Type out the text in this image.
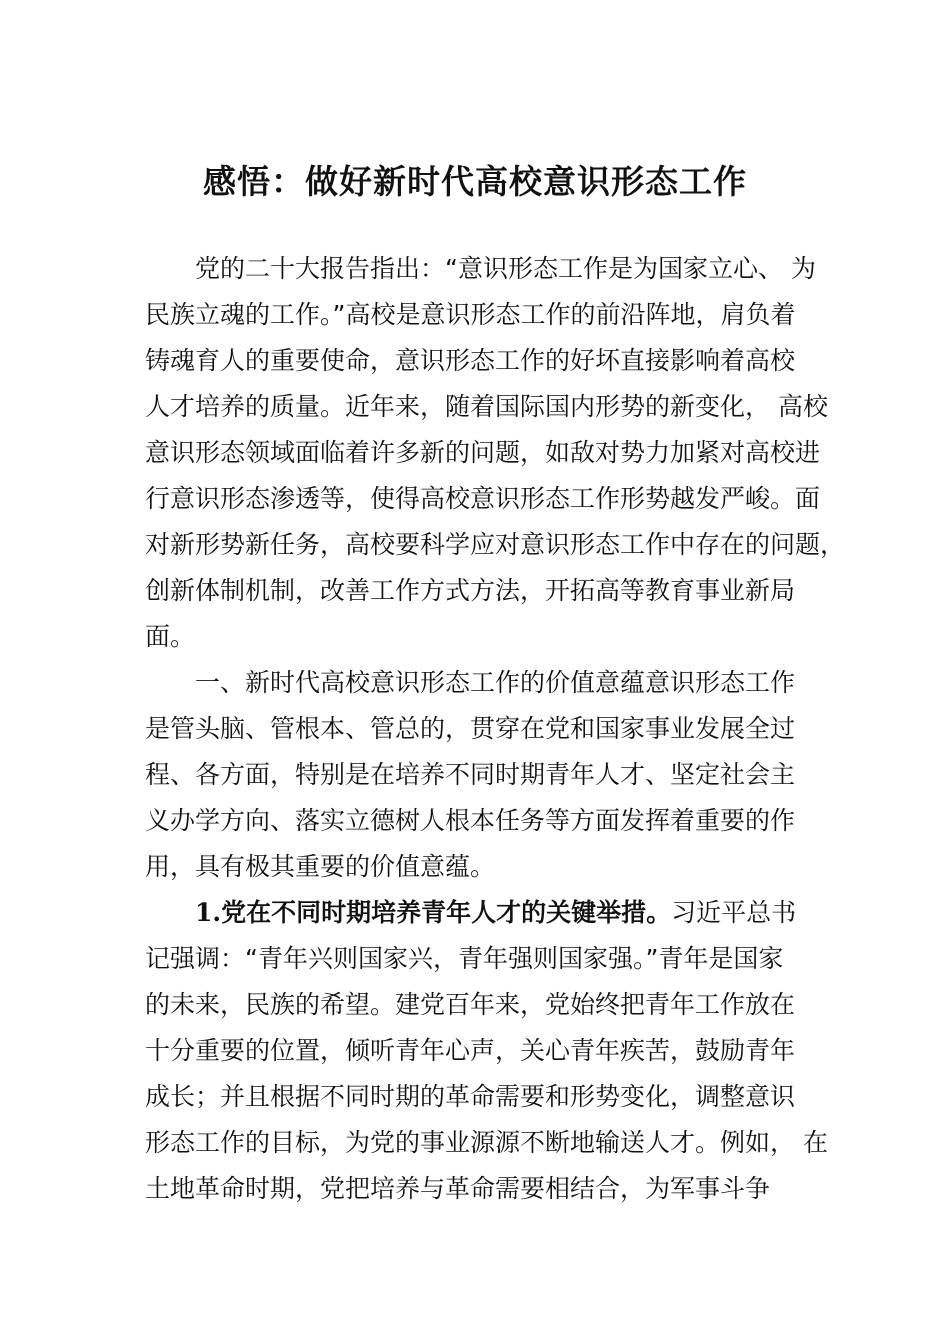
感悟：做好新时代高校意识形态工作
党的二十大报告指出：“意识形态工作是为国家立心、 为
民族立魂的工作。”高校是意识形态工作的前沿阵地，肩负着
铸魂育人的重要使命，意识形态工作的好坏直接影响着高校
人才培养的质量。近年来，随着国际国内形势的新变化， 高校
意识形态领域面临着许多新的问题，如敌对势力加紧对高校进
行意识形态渗透等，使得高校意识形态工作形势越发严峻。面
对新形势新任务，高校要科学应对意识形态工作中存在的问题，
创新体制机制，改善工作方式方法，开拓高等教育事业新局
面。
一、新时代高校意识形态工作的价值意蕴意识形态工作
是管头脑、管根本、管总的，贯穿在党和国家事业发展全过
程、各方面，特别是在培养不同时期青年人才、坚定社会主
义办学方向、落实立德树人根本任务等方面发挥着重要的作
用，具有极其重要的价值意蕴。
1.党在不同时期培养青年人才的关键举措。习近平总书
记强调：“青年兴则国家兴，青年强则国家强。”青年是国家
的未来，民族的希望。建党百年来，党始终把青年工作放在
十分重要的位置，倾听青年心声，关心青年疾苦，鼓励青年
成长；并且根据不同时期的革命需要和形势变化，调整意识
形态工作的目标，为党的事业源源不断地输送人才。例如， 在
土地革命时期，党把培养与革命需要相结合，为军事斗争
